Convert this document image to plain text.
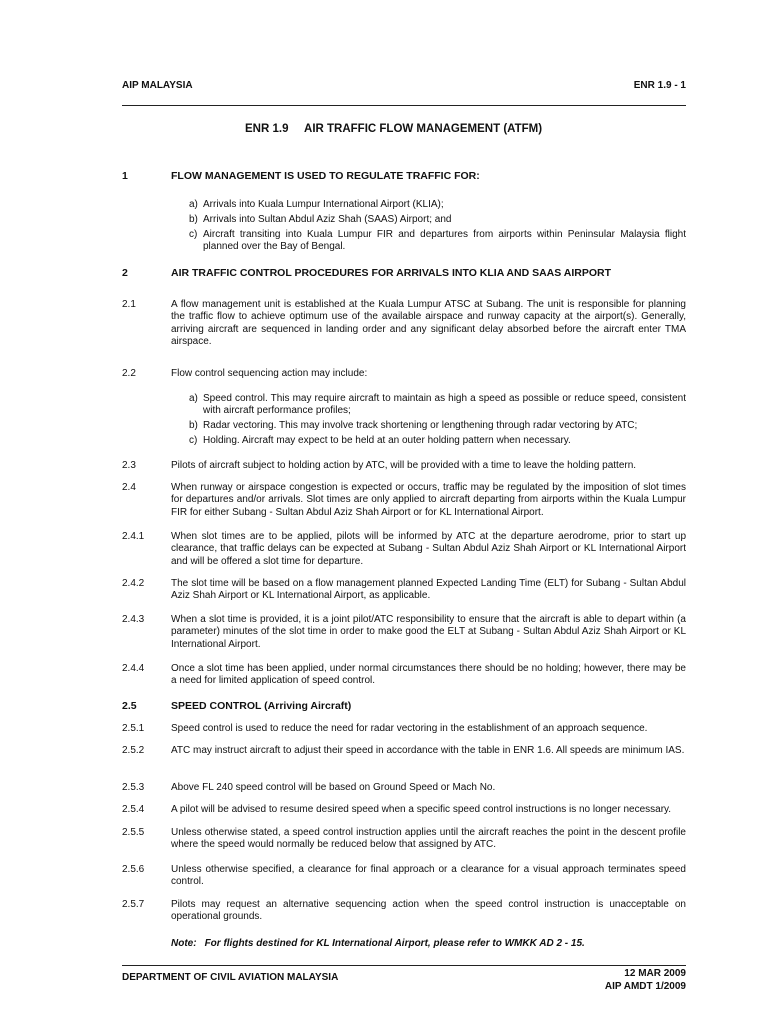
AIP MALAYSIA	ENR 1.9 - 1
ENR 1.9     AIR TRAFFIC FLOW MANAGEMENT (ATFM)
1	FLOW MANAGEMENT IS USED TO REGULATE TRAFFIC FOR:
a) Arrivals into Kuala Lumpur International Airport (KLIA);
b) Arrivals into Sultan Abdul Aziz Shah (SAAS) Airport; and
c) Aircraft transiting into Kuala Lumpur FIR and departures from airports within Peninsular Malaysia flight planned over the Bay of Bengal.
2	AIR TRAFFIC CONTROL PROCEDURES FOR ARRIVALS INTO KLIA AND SAAS AIRPORT
2.1	A flow management unit is established at the Kuala Lumpur ATSC at Subang. The unit is responsible for planning the traffic flow to achieve optimum use of the available airspace and runway capacity at the airport(s). Generally, arriving aircraft are sequenced in landing order and any significant delay absorbed before the aircraft enter TMA airspace.
2.2	Flow control sequencing action may include:
a) Speed control. This may require aircraft to maintain as high a speed as possible or reduce speed, consistent with aircraft performance profiles;
b) Radar vectoring. This may involve track shortening or lengthening through radar vectoring by ATC;
c) Holding. Aircraft may expect to be held at an outer holding pattern when necessary.
2.3	Pilots of aircraft subject to holding action by ATC, will be provided with a time to leave the holding pattern.
2.4	When runway or airspace congestion is expected or occurs, traffic may be regulated by the imposition of slot times for departures and/or arrivals. Slot times are only applied to aircraft departing from airports within the Kuala Lumpur FIR for either Subang - Sultan Abdul Aziz Shah Airport or for KL International Airport.
2.4.1	When slot times are to be applied, pilots will be informed by ATC at the departure aerodrome, prior to start up clearance, that traffic delays can be expected at Subang - Sultan Abdul Aziz Shah Airport or KL International Airport and will be offered a slot time for departure.
2.4.2	The slot time will be based on a flow management planned Expected Landing Time (ELT) for Subang - Sultan Abdul Aziz Shah Airport or KL International Airport, as applicable.
2.4.3	When a slot time is provided, it is a joint pilot/ATC responsibility to ensure that the aircraft is able to depart within (a parameter) minutes of the slot time in order to make good the ELT at Subang - Sultan Abdul Aziz Shah Airport or KL International Airport.
2.4.4	Once a slot time has been applied, under normal circumstances there should be no holding; however, there may be a need for limited application of speed control.
2.5	SPEED CONTROL (Arriving Aircraft)
2.5.1	Speed control is used to reduce the need for radar vectoring in the establishment of an approach sequence.
2.5.2	ATC may instruct aircraft to adjust their speed in accordance with the table in ENR 1.6. All speeds are minimum IAS.
2.5.3	Above FL 240 speed control will be based on Ground Speed or Mach No.
2.5.4	A pilot will be advised to resume desired speed when a specific speed control instructions is no longer necessary.
2.5.5	Unless otherwise stated, a speed control instruction applies until the aircraft reaches the point in the descent profile where the speed would normally be reduced below that assigned by ATC.
2.5.6	Unless otherwise specified, a clearance for final approach or a clearance for a visual approach terminates speed control.
2.5.7	Pilots may request an alternative sequencing action when the speed control instruction is unacceptable on operational grounds.
Note: For flights destined for KL International Airport, please refer to WMKK AD 2 - 15.
DEPARTMENT OF CIVIL AVIATION MALAYSIA	12 MAR 2009
AIP AMDT 1/2009
